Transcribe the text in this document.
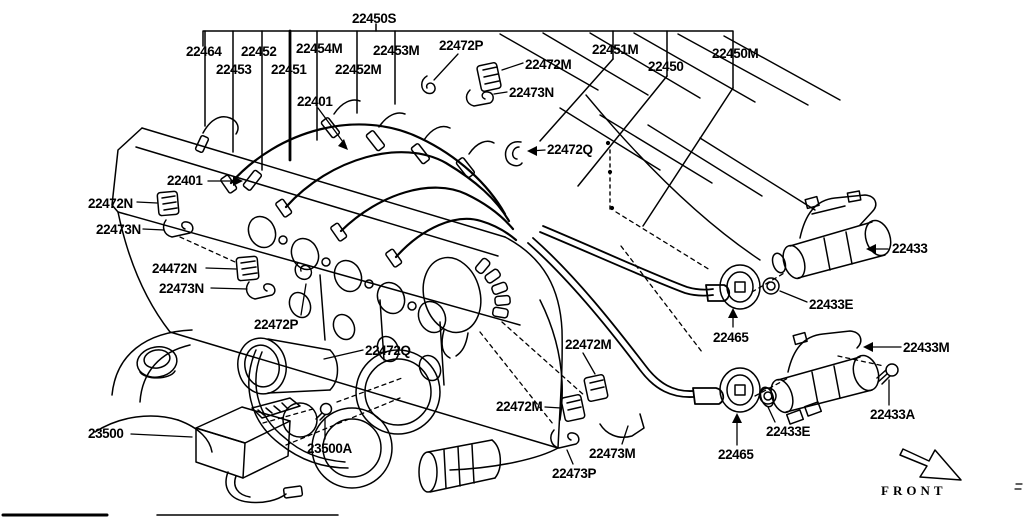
22450S
22464 22452 22454M 22453M 22472P	22451M	22450M
22453 22451 22452M	22472M	22450
22473N
22401
22472Q
22401
22472N
22473N
24472N
22473N
22472P
22472Q	22472M
22472M
23500
23500A	22473M
22473P
22433
22433E
22465
22433M
22433A
22433E
22465
FRONT
